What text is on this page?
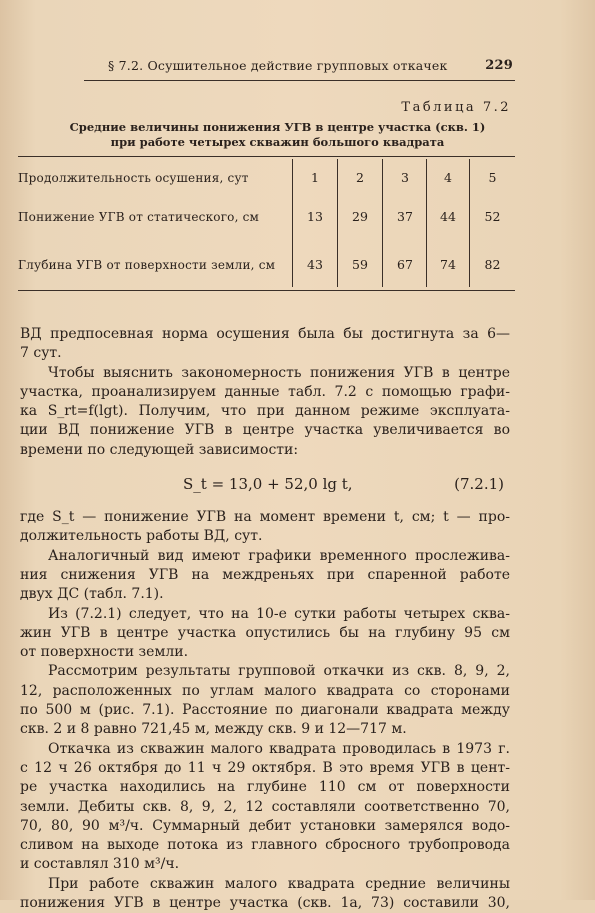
§ 7.2. Осушительное действие групповых откачек	229
Таблица 7.2
Средние величины понижения УГВ в центре участка (скв. 1)
при работе четырех скважин большого квадрата
Продолжительность осушения, сут	1	2	3	4	5
Понижение УГВ от статического, см	13	29	37	44	52
Глубина УГВ от поверхности земли, см	43	59	67	74	82

ВД предпосевная норма осушения была бы достигнута за 6—

7 сут.

Чтобы выяснить закономерность понижения УГВ в центре

участка, проанализируем данные табл. 7.2 с помощью графи-

ка S_rt=f(lgt). Получим, что при данном режиме эксплуата-

ции ВД понижение УГВ в центре участка увеличивается во

времени по следующей зависимости:

S_t = 13,0 + 52,0 lg t,	(7.2.1)

где S_t — понижение УГВ на момент времени t, см; t — про-

должительность работы ВД, сут.

Аналогичный вид имеют графики временного прослежива-

ния снижения УГВ на междреньях при спаренной работе

двух ДС (табл. 7.1).

Из (7.2.1) следует, что на 10-е сутки работы четырех сква-

жин УГВ в центре участка опустились бы на глубину 95 см

от поверхности земли.

Рассмотрим результаты групповой откачки из скв. 8, 9, 2,

12, расположенных по углам малого квадрата со сторонами

по 500 м (рис. 7.1). Расстояние по диагонали квадрата между

скв. 2 и 8 равно 721,45 м, между скв. 9 и 12—717 м.

Откачка из скважин малого квадрата проводилась в 1973 г.

с 12 ч 26 октября до 11 ч 29 октября. В это время УГВ в цент-

ре участка находились на глубине 110 см от поверхности

земли. Дебиты скв. 8, 9, 2, 12 составляли соответственно 70,

70, 80, 90 м³/ч. Суммарный дебит установки замерялся водо-

сливом на выходе потока из главного сбросного трубопровода

и составлял 310 м³/ч.

При работе скважин малого квадрата средние величины

понижения УГВ в центре участка (скв. 1а, 73) составили 30,
